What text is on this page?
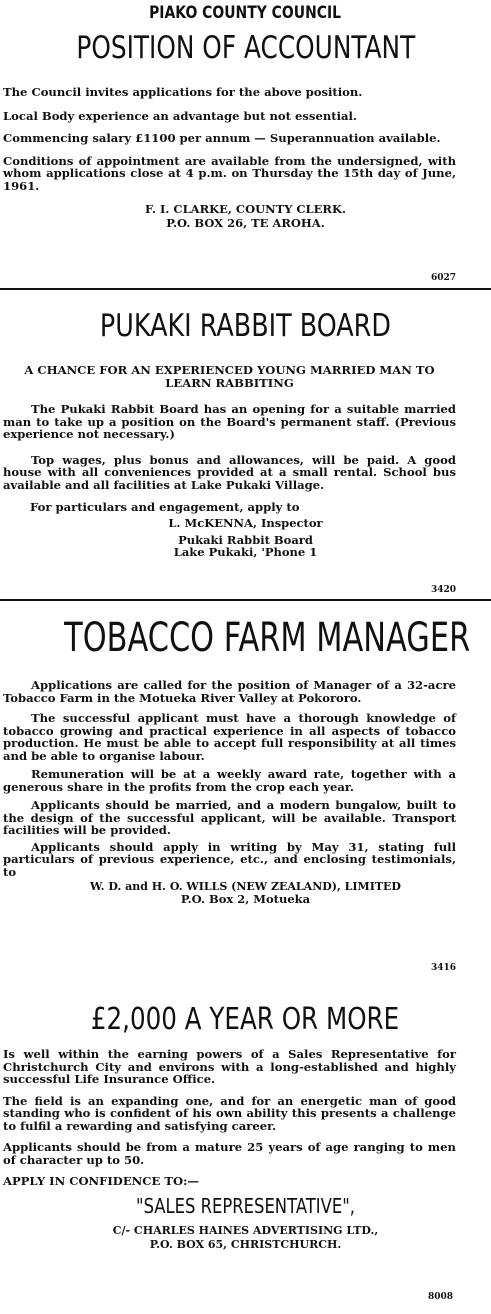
PIAKO COUNTY COUNCIL
POSITION OF ACCOUNTANT

The Council invites applications for the above position.

Local Body experience an advantage but not essential.

Commencing salary £1100 per annum — Superannuation available.

Conditions of appointment are available from the undersigned, with whom applications close at 4 p.m. on Thursday the 15th day of June, 1961.

F. I. CLARKE, COUNTY CLERK.

P.O. BOX 26, TE AROHA.

6027
PUKAKI RABBIT BOARD

A CHANCE FOR AN EXPERIENCED YOUNG MARRIED MAN TO LEARN RABBITING

The Pukaki Rabbit Board has an opening for a suitable married man to take up a position on the Board's permanent staff. (Previous experience not necessary.)

Top wages, plus bonus and allowances, will be paid. A good house with all conveniences provided at a small rental. School bus available and all facilities at Lake Pukaki Village.

For particulars and engagement, apply to

L. McKENNA, Inspector

Pukaki Rabbit Board

Lake Pukaki, 'Phone 1

3420
TOBACCO FARM MANAGER

Applications are called for the position of Manager of a 32-acre Tobacco Farm in the Motueka River Valley at Pokororo.

The successful applicant must have a thorough knowledge of tobacco growing and practical experience in all aspects of tobacco production. He must be able to accept full responsibility at all times and be able to organise labour.

Remuneration will be at a weekly award rate, together with a generous share in the profits from the crop each year.

Applicants should be married, and a modern bungalow, built to the design of the successful applicant, will be available. Transport facilities will be provided.

Applicants should apply in writing by May 31, stating full particulars of previous experience, etc., and enclosing testimonials, to

W. D. and H. O. WILLS (NEW ZEALAND), LIMITED

P.O. Box 2, Motueka

3416
£2,000 A YEAR OR MORE

Is well within the earning powers of a Sales Representative for Christchurch City and environs with a long-established and highly successful Life Insurance Office.

The field is an expanding one, and for an energetic man of good standing who is confident of his own ability this presents a challenge to fulfil a rewarding and satisfying career.

Applicants should be from a mature 25 years of age ranging to men of character up to 50.

APPLY IN CONFIDENCE TO:—

"SALES REPRESENTATIVE",

C/- CHARLES HAINES ADVERTISING LTD.,

P.O. BOX 65, CHRISTCHURCH.

8008
